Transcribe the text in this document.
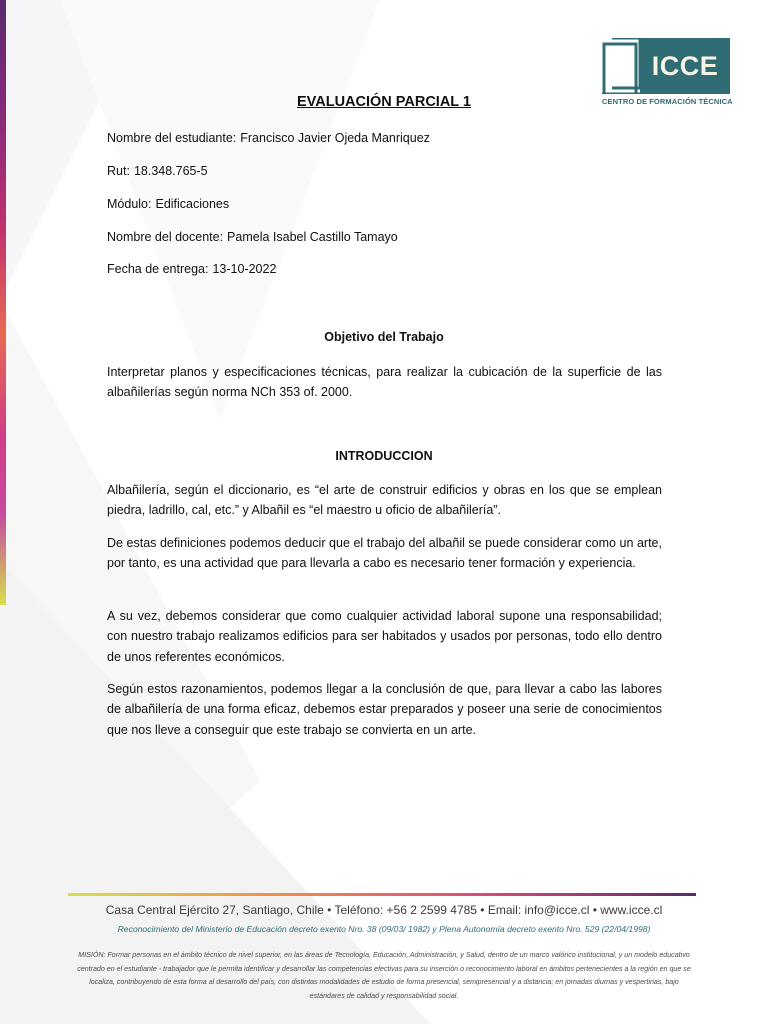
ICCE
CENTRO DE FORMACIÓN TÉCNICA
EVALUACIÓN PARCIAL 1
Nombre del estudiante: Francisco Javier Ojeda Manriquez
Rut: 18.348.765-5
Módulo: Edificaciones
Nombre del docente: Pamela Isabel Castillo Tamayo
Fecha de entrega: 13-10-2022
Objetivo del Trabajo
Interpretar planos y especificaciones técnicas, para realizar la cubicación de la superficie de las albañilerías según norma NCh 353 of. 2000.
INTRODUCCION
Albañilería, según el diccionario, es “el arte de construir edificios y obras en los que se emplean piedra, ladrillo, cal, etc.” y Albañil es “el maestro u oficio de albañilería”.
De estas definiciones podemos deducir que el trabajo del albañil se puede considerar como un arte, por tanto, es una actividad que para llevarla a cabo es necesario tener formación y experiencia.
A su vez, debemos considerar que como cualquier actividad laboral supone una responsabilidad; con nuestro trabajo realizamos edificios para ser habitados y usados por personas, todo ello dentro de unos referentes económicos.
Según estos razonamientos, podemos llegar a la conclusión de que, para llevar a cabo las labores de albañilería de una forma eficaz, debemos estar preparados y poseer una serie de conocimientos que nos lleve a conseguir que este trabajo se convierta en un arte.
Casa Central Ejército 27, Santiago, Chile • Teléfono: +56 2 2599 4785 • Email: info@icce.cl • www.icce.cl
Reconocimiento del Ministerio de Educación decreto exento Nro. 38 (09/03/ 1982) y Plena Autonomía decreto exento Nro. 529 (22/04/1998)
MISIÓN: Formar personas en el ámbito técnico de nivel superior, en las áreas de Tecnología, Educación, Administración, y Salud, dentro de un marco valórico institucional, y un modelo educativo centrado en el estudiante - trabajador que le permita identificar y desarrollar las competencias efectivas para su inserción o reconocimiento laboral en ámbitos pertenecientes a la región en que se localiza, contribuyendo de esta forma al desarrollo del país, con distintas modalidades de estudio de forma presencial, semipresencial y a distancia; en jornadas diurnas y vespertinas, bajo estándares de calidad y responsabilidad social.
